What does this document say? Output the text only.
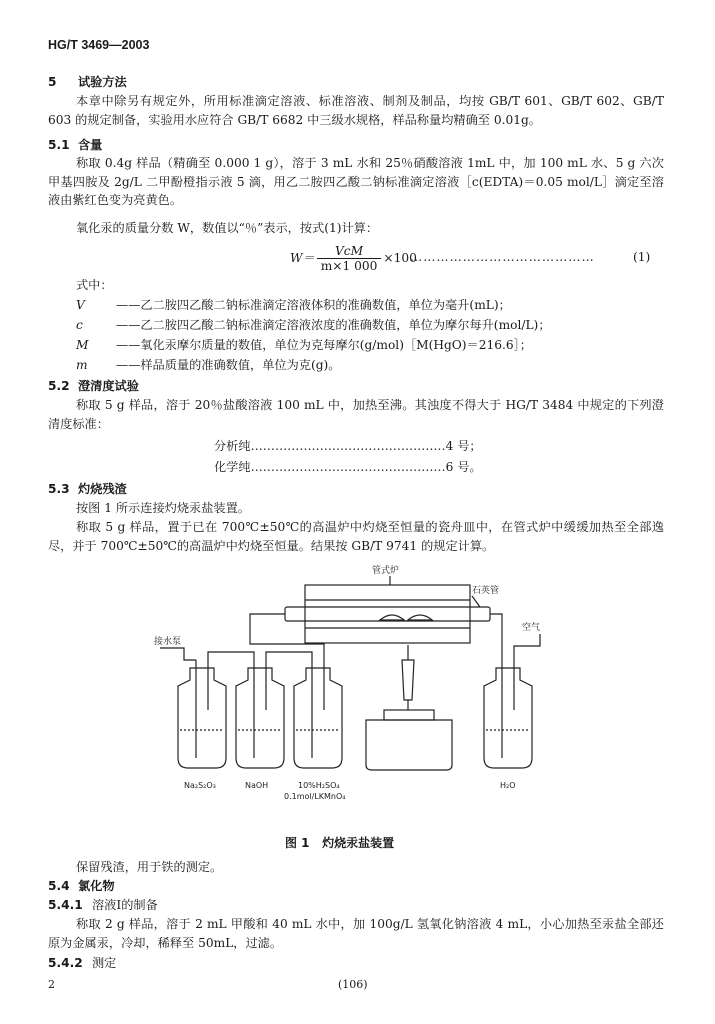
HG/T 3469—2003
5 试验方法
本章中除另有规定外，所用标准滴定溶液、标准溶液、制剂及制品，均按 GB/T 601、GB/T 602、GB/T 603 的规定制备，实验用水应符合 GB/T 6682 中三级水规格，样品称量均精确至 0.01g。
5.1 含量
称取 0.4g 样品（精确至 0.000 1 g），溶于 3 mL 水和 25％硝酸溶液 1mL 中，加 100 mL 水、5 g 六次甲基四胺及 2g/L 二甲酚橙指示液 5 滴，用乙二胺四乙酸二钠标准滴定溶液［c(EDTA)＝0.05 mol/L］滴定至溶液由紫红色变为亮黄色。
氧化汞的质量分数 W，数值以“％”表示，按式(1)计算：
$W= \frac{\text{VcM}}{m\times 1 000} \times 100$
……………………………………	(1)
式中：
V	——乙二胺四乙酸二钠标准滴定溶液体积的准确数值，单位为毫升(mL)；
c	——乙二胺四乙酸二钠标准滴定溶液浓度的准确数值，单位为摩尔每升(mol/L)；
M ——氧化汞摩尔质量的数值，单位为克每摩尔(g/mol)［M(HgO)＝216.6］；
m ——样品质量的准确数值，单位为克(g)。
5.2 澄清度试验
称取 5 g 样品，溶于 20％盐酸溶液 100 mL 中，加热至沸。其浊度不得大于 HG/T 3484 中规定的下列澄清度标准：
分析纯…………………………………………4 号；
化学纯…………………………………………6 号。
5.3 灼烧残渣
按图 1 所示连接灼烧汞盐装置。
称取 5 g 样品，置于已在 700℃±50℃的高温炉中灼烧至恒量的瓷舟皿中，在管式炉中缓缓加热至全部逸尽，并于 700℃±50℃的高温炉中灼烧至恒量。结果按 GB/T 9741 的规定计算。
管式炉
石英管
接水泵
空气
Na₂S₂O₃	NaOH	10%H₂SO₄
0.1mol/LKMnO₄
H₂O
图 1 灼烧汞盐装置
保留残渣，用于铁的测定。
5.4 氯化物
5.4.1 溶液Ⅰ的制备
称取 2 g 样品，溶于 2 mL 甲酸和 40 mL 水中，加 100g/L 氢氧化钠溶液 4 mL，小心加热至汞盐全部还原为金属汞，冷却，稀释至 50mL，过滤。
5.4.2 测定
2	(106)
